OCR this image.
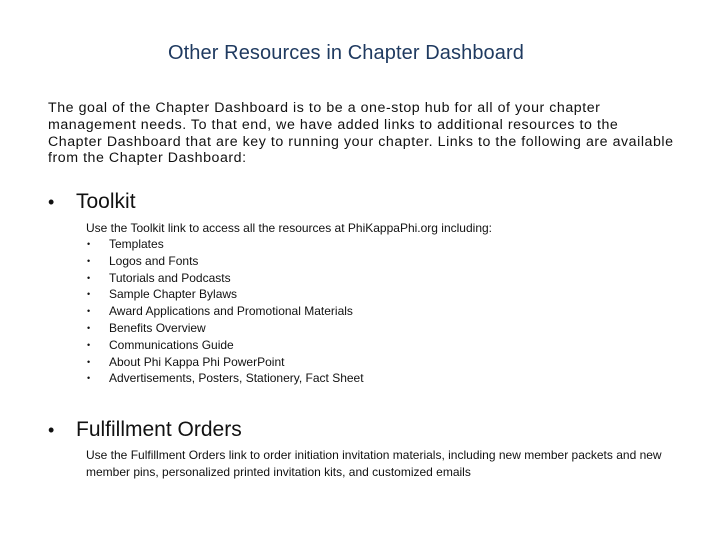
Other Resources in Chapter Dashboard

The goal of the Chapter Dashboard is to be a one-stop hub for all of your chapter management needs. To that end, we have added links to additional resources to the Chapter Dashboard that are key to running your chapter. Links to the following are available from the Chapter Dashboard:

•	Toolkit

Use the Toolkit link to access all the resources at PhiKappaPhi.org including:

•	Templates
•	Logos and Fonts
•	Tutorials and Podcasts
•	Sample Chapter Bylaws
•	Award Applications and Promotional Materials
•	Benefits Overview
•	Communications Guide
•	About Phi Kappa Phi PowerPoint
•	Advertisements, Posters, Stationery, Fact Sheet
•	Fulfillment Orders

Use the Fulfillment Orders link to order initiation invitation materials, including new member packets and new member pins, personalized printed invitation kits, and customized emails
